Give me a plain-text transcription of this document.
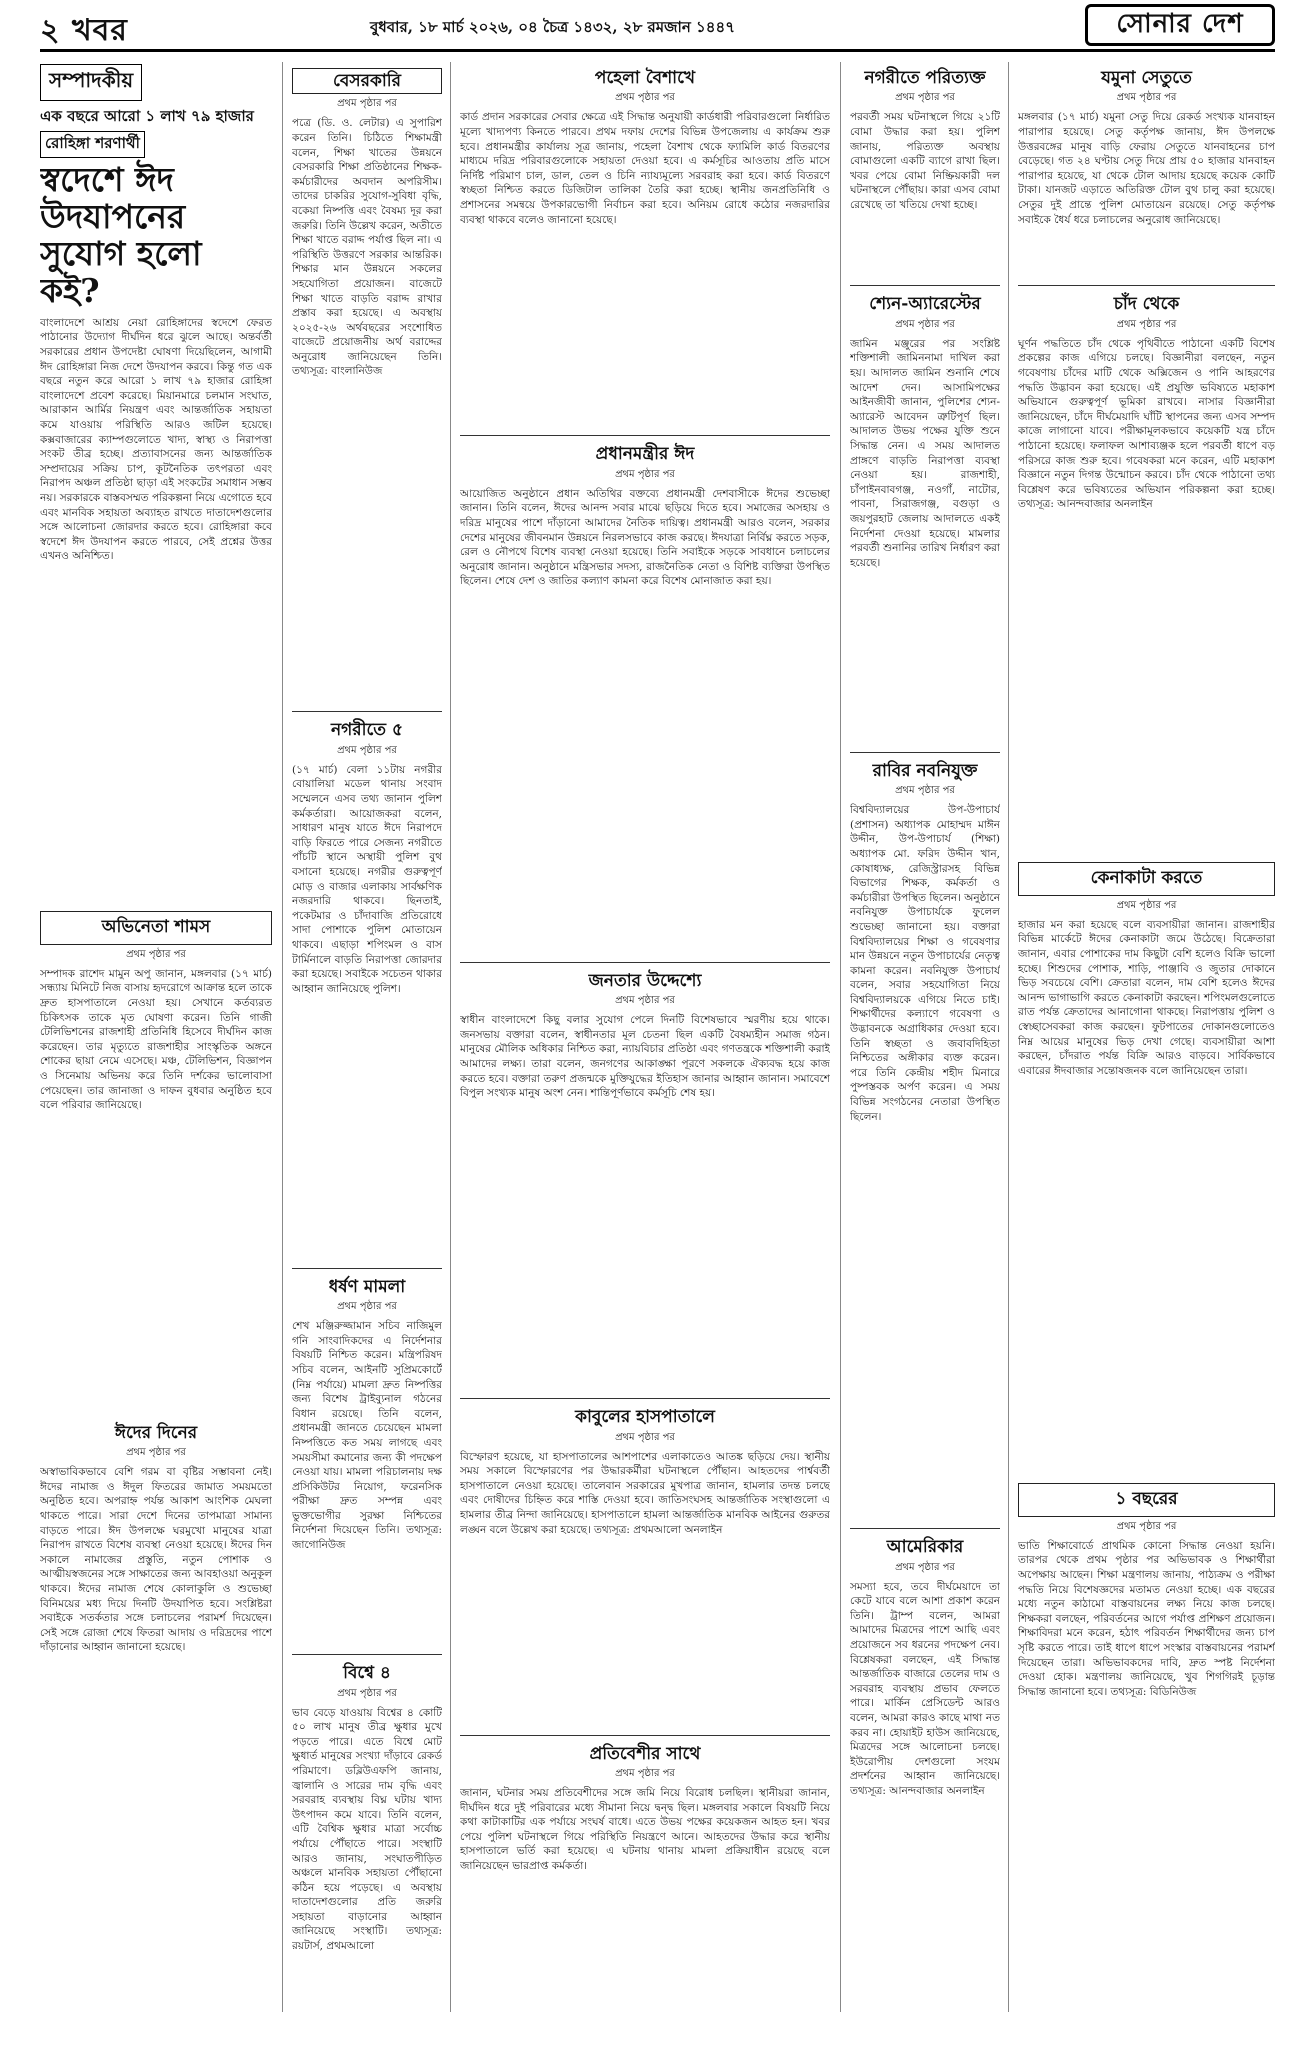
২ খবর	বুধবার, ১৮ মার্চ ২০২৬, ০৪ চৈত্র ১৪৩২, ২৮ রমজান ১৪৪৭	সোনার দেশ
সম্পাদকীয়
এক বছরে আরো ১ লাখ ৭৯ হাজার
রোহিঙ্গা শরণার্থী
স্বদেশে ঈদ উদযাপনের সুযোগ হলো কই?
বাংলাদেশে আশ্রয় নেয়া রোহিঙ্গাদের স্বদেশে ফেরত পাঠানোর উদ্যোগ দীর্ঘদিন ধরে ঝুলে আছে। অন্তর্বর্তী সরকারের প্রধান উপদেষ্টা ঘোষণা দিয়েছিলেন, আগামী ঈদ রোহিঙ্গারা নিজ দেশে উদযাপন করবে। কিন্তু গত এক বছরে নতুন করে আরো ১ লাখ ৭৯ হাজার রোহিঙ্গা বাংলাদেশে প্রবেশ করেছে। মিয়ানমারে চলমান সংঘাত, আরাকান আর্মির নিয়ন্ত্রণ এবং আন্তর্জাতিক সহায়তা কমে যাওয়ায় পরিস্থিতি আরও জটিল হয়েছে। কক্সবাজারের ক্যাম্পগুলোতে খাদ্য, স্বাস্থ্য ও নিরাপত্তা সংকট তীব্র হচ্ছে। প্রত্যাবাসনের জন্য আন্তর্জাতিক সম্প্রদায়ের সক্রিয় চাপ, কূটনৈতিক তৎপরতা এবং নিরাপদ অঞ্চল প্রতিষ্ঠা ছাড়া এই সংকটের সমাধান সম্ভব নয়। সরকারকে বাস্তবসম্মত পরিকল্পনা নিয়ে এগোতে হবে এবং মানবিক সহায়তা অব্যাহত রাখতে দাতাদেশগুলোর সঙ্গে আলোচনা জোরদার করতে হবে। রোহিঙ্গারা কবে স্বদেশে ঈদ উদযাপন করতে পারবে, সেই প্রশ্নের উত্তর এখনও অনিশ্চিত।
অভিনেতা শামস
প্রথম পৃষ্ঠার পর
সম্পাদক রাশেদ মামুন অপু জানান, মঙ্গলবার (১৭ মার্চ) সন্ধ্যায় মিনিটে নিজ বাসায় হৃদরোগে আক্রান্ত হলে তাকে দ্রুত হাসপাতালে নেওয়া হয়। সেখানে কর্তব্যরত চিকিৎসক তাকে মৃত ঘোষণা করেন। তিনি গাজী টেলিভিশনের রাজশাহী প্রতিনিধি হিসেবে দীর্ঘদিন কাজ করেছেন। তার মৃত্যুতে রাজশাহীর সাংস্কৃতিক অঙ্গনে শোকের ছায়া নেমে এসেছে। মঞ্চ, টেলিভিশন, বিজ্ঞাপন ও সিনেমায় অভিনয় করে তিনি দর্শকের ভালোবাসা পেয়েছেন। তার জানাজা ও দাফন বুধবার অনুষ্ঠিত হবে বলে পরিবার জানিয়েছে।
ঈদের দিনের
প্রথম পৃষ্ঠার পর
অস্বাভাবিকভাবে বেশি গরম বা বৃষ্টির সম্ভাবনা নেই। ঈদের নামাজ ও ঈদুল ফিতরের জামাত সময়মতো অনুষ্ঠিত হবে। অপরাহ্ন পর্যন্ত আকাশ আংশিক মেঘলা থাকতে পারে। সারা দেশে দিনের তাপমাত্রা সামান্য বাড়তে পারে। ঈদ উপলক্ষে ঘরমুখো মানুষের যাত্রা নিরাপদ রাখতে বিশেষ ব্যবস্থা নেওয়া হয়েছে। ঈদের দিন সকালে নামাজের প্রস্তুতি, নতুন পোশাক ও আত্মীয়স্বজনের সঙ্গে সাক্ষাতের জন্য আবহাওয়া অনুকূল থাকবে। ঈদের নামাজ শেষে কোলাকুলি ও শুভেচ্ছা বিনিময়ের মধ্য দিয়ে দিনটি উদযাপিত হবে। সংশ্লিষ্টরা সবাইকে সতর্কতার সঙ্গে চলাচলের পরামর্শ দিয়েছেন। সেই সঙ্গে রোজা শেষে ফিতরা আদায় ও দরিদ্রদের পাশে দাঁড়ানোর আহ্বান জানানো হয়েছে।
বেসরকারি
প্রথম পৃষ্ঠার পর
পত্রে (ডি. ও. লেটার) এ সুপারিশ করেন তিনি। চিঠিতে শিক্ষামন্ত্রী বলেন, শিক্ষা খাতের উন্নয়নে বেসরকারি শিক্ষা প্রতিষ্ঠানের শিক্ষক-কর্মচারীদের অবদান অপরিসীম। তাদের চাকরির সুযোগ-সুবিধা বৃদ্ধি, বকেয়া নিষ্পত্তি এবং বৈষম্য দূর করা জরুরি। তিনি উল্লেখ করেন, অতীতে শিক্ষা খাতে বরাদ্দ পর্যাপ্ত ছিল না। এ পরিস্থিতি উত্তরণে সরকার আন্তরিক। শিক্ষার মান উন্নয়নে সকলের সহযোগিতা প্রয়োজন। বাজেটে শিক্ষা খাতে বাড়তি বরাদ্দ রাখার প্রস্তাব করা হয়েছে। এ অবস্থায় ২০২৫-২৬ অর্থবছরের সংশোধিত বাজেটে প্রয়োজনীয় অর্থ বরাদ্দের অনুরোধ জানিয়েছেন তিনি। তথ্যসূত্র: বাংলানিউজ
নগরীতে ৫
প্রথম পৃষ্ঠার পর
(১৭ মার্চ) বেলা ১১টায় নগরীর বোয়ালিয়া মডেল থানায় সংবাদ সম্মেলনে এসব তথ্য জানান পুলিশ কর্মকর্তারা। আয়োজকরা বলেন, সাধারণ মানুষ যাতে ঈদে নিরাপদে বাড়ি ফিরতে পারে সেজন্য নগরীতে পাঁচটি স্থানে অস্থায়ী পুলিশ বুথ বসানো হয়েছে। নগরীর গুরুত্বপূর্ণ মোড় ও বাজার এলাকায় সার্বক্ষণিক নজরদারি থাকবে। ছিনতাই, পকেটমার ও চাঁদাবাজি প্রতিরোধে সাদা পোশাকে পুলিশ মোতায়েন থাকবে। এছাড়া শপিংমল ও বাস টার্মিনালে বাড়তি নিরাপত্তা জোরদার করা হয়েছে। সবাইকে সচেতন থাকার আহ্বান জানিয়েছে পুলিশ।
ধর্ষণ মামলা
প্রথম পৃষ্ঠার পর
শেখ মঞ্জিরুজ্জামান সচিব নাজিমুল গনি সাংবাদিকদের এ নির্দেশনার বিষয়টি নিশ্চিত করেন। মন্ত্রিপরিষদ সচিব বলেন, আইনটি সুপ্রিমকোর্টে (নিম্ন পর্যায়ে) মামলা দ্রুত নিষ্পত্তির জন্য বিশেষ ট্রাইব্যুনাল গঠনের বিধান রয়েছে। তিনি বলেন, প্রধানমন্ত্রী জানতে চেয়েছেন মামলা নিষ্পত্তিতে কত সময় লাগছে এবং সময়সীমা কমানোর জন্য কী পদক্ষেপ নেওয়া যায়। মামলা পরিচালনায় দক্ষ প্রসিকিউটর নিয়োগ, ফরেনসিক পরীক্ষা দ্রুত সম্পন্ন এবং ভুক্তভোগীর সুরক্ষা নিশ্চিতের নির্দেশনা দিয়েছেন তিনি। তথ্যসূত্র: জাগোনিউজ
বিশ্বে ৪
প্রথম পৃষ্ঠার পর
ভাব বেড়ে যাওয়ায় বিশ্বের ৪ কোটি ৫০ লাখ মানুষ তীব্র ক্ষুধার মুখে পড়তে পারে। এতে বিশ্বে মোট ক্ষুধার্ত মানুষের সংখ্যা দাঁড়াবে রেকর্ড পরিমাণে। ডব্লিউএফপি জানায়, জ্বালানি ও সারের দাম বৃদ্ধি এবং সরবরাহ ব্যবস্থায় বিঘ্ন ঘটায় খাদ্য উৎপাদন কমে যাবে। তিনি বলেন, এটি বৈশ্বিক ক্ষুধার মাত্রা সর্বোচ্চ পর্যায়ে পৌঁছাতে পারে। সংস্থাটি আরও জানায়, সংঘাতপীড়িত অঞ্চলে মানবিক সহায়তা পৌঁছানো কঠিন হয়ে পড়েছে। এ অবস্থায় দাতাদেশগুলোর প্রতি জরুরি সহায়তা বাড়ানোর আহ্বান জানিয়েছে সংস্থাটি। তথ্যসূত্র: রয়টার্স, প্রথমআলো
পহেলা বৈশাখে
প্রথম পৃষ্ঠার পর
কার্ড প্রদান সরকারের সেবার ক্ষেত্রে এই সিদ্ধান্ত অনুযায়ী কার্ডধারী পরিবারগুলো নির্ধারিত মূল্যে খাদ্যপণ্য কিনতে পারবে। প্রথম দফায় দেশের বিভিন্ন উপজেলায় এ কার্যক্রম শুরু হবে। প্রধানমন্ত্রীর কার্যালয় সূত্র জানায়, পহেলা বৈশাখ থেকে ফ্যামিলি কার্ড বিতরণের মাধ্যমে দরিদ্র পরিবারগুলোকে সহায়তা দেওয়া হবে। এ কর্মসূচির আওতায় প্রতি মাসে নির্দিষ্ট পরিমাণ চাল, ডাল, তেল ও চিনি ন্যায্যমূল্যে সরবরাহ করা হবে। কার্ড বিতরণে স্বচ্ছতা নিশ্চিত করতে ডিজিটাল তালিকা তৈরি করা হচ্ছে। স্থানীয় জনপ্রতিনিধি ও প্রশাসনের সমন্বয়ে উপকারভোগী নির্বাচন করা হবে। অনিয়ম রোধে কঠোর নজরদারির ব্যবস্থা থাকবে বলেও জানানো হয়েছে।
প্রধানমন্ত্রীর ঈদ
প্রথম পৃষ্ঠার পর
আয়োজিত অনুষ্ঠানে প্রধান অতিথির বক্তব্যে প্রধানমন্ত্রী দেশবাসীকে ঈদের শুভেচ্ছা জানান। তিনি বলেন, ঈদের আনন্দ সবার মাঝে ছড়িয়ে দিতে হবে। সমাজের অসহায় ও দরিদ্র মানুষের পাশে দাঁড়ানো আমাদের নৈতিক দায়িত্ব। প্রধানমন্ত্রী আরও বলেন, সরকার দেশের মানুষের জীবনমান উন্নয়নে নিরলসভাবে কাজ করছে। ঈদযাত্রা নির্বিঘ্ন করতে সড়ক, রেল ও নৌপথে বিশেষ ব্যবস্থা নেওয়া হয়েছে। তিনি সবাইকে সড়কে সাবধানে চলাচলের অনুরোধ জানান। অনুষ্ঠানে মন্ত্রিসভার সদস্য, রাজনৈতিক নেতা ও বিশিষ্ট ব্যক্তিরা উপস্থিত ছিলেন। শেষে দেশ ও জাতির কল্যাণ কামনা করে বিশেষ মোনাজাত করা হয়।
জনতার উদ্দেশ্যে
প্রথম পৃষ্ঠার পর
স্বাধীন বাংলাদেশে কিছু বলার সুযোগ পেলে দিনটি বিশেষভাবে স্মরণীয় হয়ে থাকে। জনসভায় বক্তারা বলেন, স্বাধীনতার মূল চেতনা ছিল একটি বৈষম্যহীন সমাজ গঠন। মানুষের মৌলিক অধিকার নিশ্চিত করা, ন্যায়বিচার প্রতিষ্ঠা এবং গণতন্ত্রকে শক্তিশালী করাই আমাদের লক্ষ্য। তারা বলেন, জনগণের আকাঙ্ক্ষা পূরণে সকলকে ঐক্যবদ্ধ হয়ে কাজ করতে হবে। বক্তারা তরুণ প্রজন্মকে মুক্তিযুদ্ধের ইতিহাস জানার আহ্বান জানান। সমাবেশে বিপুল সংখ্যক মানুষ অংশ নেন। শান্তিপূর্ণভাবে কর্মসূচি শেষ হয়।
কাবুলের হাসপাতালে
প্রথম পৃষ্ঠার পর
বিস্ফোরণ হয়েছে, যা হাসপাতালের আশপাশের এলাকাতেও আতঙ্ক ছড়িয়ে দেয়। স্থানীয় সময় সকালে বিস্ফোরণের পর উদ্ধারকর্মীরা ঘটনাস্থলে পৌঁছান। আহতদের পার্শ্ববর্তী হাসপাতালে নেওয়া হয়েছে। তালেবান সরকারের মুখপাত্র জানান, হামলার তদন্ত চলছে এবং দোষীদের চিহ্নিত করে শাস্তি দেওয়া হবে। জাতিসংঘসহ আন্তর্জাতিক সংস্থাগুলো এ হামলার তীব্র নিন্দা জানিয়েছে। হাসপাতালে হামলা আন্তর্জাতিক মানবিক আইনের গুরুতর লঙ্ঘন বলে উল্লেখ করা হয়েছে। তথ্যসূত্র: প্রথমআলো অনলাইন
প্রতিবেশীর সাথে
প্রথম পৃষ্ঠার পর
জানান, ঘটনার সময় প্রতিবেশীদের সঙ্গে জমি নিয়ে বিরোধ চলছিল। স্থানীয়রা জানান, দীর্ঘদিন ধরে দুই পরিবারের মধ্যে সীমানা নিয়ে দ্বন্দ্ব ছিল। মঙ্গলবার সকালে বিষয়টি নিয়ে কথা কাটাকাটির এক পর্যায়ে সংঘর্ষ বাধে। এতে উভয় পক্ষের কয়েকজন আহত হন। খবর পেয়ে পুলিশ ঘটনাস্থলে গিয়ে পরিস্থিতি নিয়ন্ত্রণে আনে। আহতদের উদ্ধার করে স্থানীয় হাসপাতালে ভর্তি করা হয়েছে। এ ঘটনায় থানায় মামলা প্রক্রিয়াধীন রয়েছে বলে জানিয়েছেন ভারপ্রাপ্ত কর্মকর্তা।
নগরীতে পরিত্যক্ত
প্রথম পৃষ্ঠার পর
পরবর্তী সময় ঘটনাস্থলে গিয়ে ২১টি বোমা উদ্ধার করা হয়। পুলিশ জানায়, পরিত্যক্ত অবস্থায় বোমাগুলো একটি ব্যাগে রাখা ছিল। খবর পেয়ে বোমা নিষ্ক্রিয়কারী দল ঘটনাস্থলে পৌঁছায়। কারা এসব বোমা রেখেছে তা খতিয়ে দেখা হচ্ছে।
শ্যেন-অ্যারেস্টের
প্রথম পৃষ্ঠার পর
জামিন মঞ্জুরের পর সংশ্লিষ্ট শক্তিশালী জামিননামা দাখিল করা হয়। আদালত জামিন শুনানি শেষে আদেশ দেন। আসামিপক্ষের আইনজীবী জানান, পুলিশের শ্যেন-অ্যারেস্ট আবেদন ত্রুটিপূর্ণ ছিল। আদালত উভয় পক্ষের যুক্তি শুনে সিদ্ধান্ত নেন। এ সময় আদালত প্রাঙ্গণে বাড়তি নিরাপত্তা ব্যবস্থা নেওয়া হয়। রাজশাহী, চাঁপাইনবাবগঞ্জ, নওগাঁ, নাটোর, পাবনা, সিরাজগঞ্জ, বগুড়া ও জয়পুরহাট জেলায় আদালতে একই নির্দেশনা দেওয়া হয়েছে। মামলার পরবর্তী শুনানির তারিখ নির্ধারণ করা হয়েছে।
রাবির নবনিযুক্ত
প্রথম পৃষ্ঠার পর
বিশ্ববিদ্যালয়ের উপ-উপাচার্য (প্রশাসন) অধ্যাপক মোহাম্মদ মাঈন উদ্দীন, উপ-উপাচার্য (শিক্ষা) অধ্যাপক মো. ফরিদ উদ্দীন খান, কোষাধ্যক্ষ, রেজিস্ট্রারসহ বিভিন্ন বিভাগের শিক্ষক, কর্মকর্তা ও কর্মচারীরা উপস্থিত ছিলেন। অনুষ্ঠানে নবনিযুক্ত উপাচার্যকে ফুলেল শুভেচ্ছা জানানো হয়। বক্তারা বিশ্ববিদ্যালয়ের শিক্ষা ও গবেষণার মান উন্নয়নে নতুন উপাচার্যের নেতৃত্ব কামনা করেন। নবনিযুক্ত উপাচার্য বলেন, সবার সহযোগিতা নিয়ে বিশ্ববিদ্যালয়কে এগিয়ে নিতে চাই। শিক্ষার্থীদের কল্যাণে গবেষণা ও উদ্ভাবনকে অগ্রাধিকার দেওয়া হবে। তিনি স্বচ্ছতা ও জবাবদিহিতা নিশ্চিতের অঙ্গীকার ব্যক্ত করেন। পরে তিনি কেন্দ্রীয় শহীদ মিনারে পুষ্পস্তবক অর্পণ করেন। এ সময় বিভিন্ন সংগঠনের নেতারা উপস্থিত ছিলেন।
আমেরিকার
প্রথম পৃষ্ঠার পর
সমস্যা হবে, তবে দীর্ঘমেয়াদে তা কেটে যাবে বলে আশা প্রকাশ করেন তিনি। ট্রাম্প বলেন, আমরা আমাদের মিত্রদের পাশে আছি এবং প্রয়োজনে সব ধরনের পদক্ষেপ নেব। বিশ্লেষকরা বলছেন, এই সিদ্ধান্ত আন্তর্জাতিক বাজারে তেলের দাম ও সরবরাহ ব্যবস্থায় প্রভাব ফেলতে পারে। মার্কিন প্রেসিডেন্ট আরও বলেন, আমরা কারও কাছে মাথা নত করব না। হোয়াইট হাউস জানিয়েছে, মিত্রদের সঙ্গে আলোচনা চলছে। ইউরোপীয় দেশগুলো সংযম প্রদর্শনের আহ্বান জানিয়েছে। তথ্যসূত্র: আনন্দবাজার অনলাইন
যমুনা সেতুতে
প্রথম পৃষ্ঠার পর
মঙ্গলবার (১৭ মার্চ) যমুনা সেতু দিয়ে রেকর্ড সংখ্যক যানবাহন পারাপার হয়েছে। সেতু কর্তৃপক্ষ জানায়, ঈদ উপলক্ষে উত্তরবঙ্গের মানুষ বাড়ি ফেরায় সেতুতে যানবাহনের চাপ বেড়েছে। গত ২৪ ঘণ্টায় সেতু দিয়ে প্রায় ৫০ হাজার যানবাহন পারাপার হয়েছে, যা থেকে টোল আদায় হয়েছে কয়েক কোটি টাকা। যানজট এড়াতে অতিরিক্ত টোল বুথ চালু করা হয়েছে। সেতুর দুই প্রান্তে পুলিশ মোতায়েন রয়েছে। সেতু কর্তৃপক্ষ সবাইকে ধৈর্য ধরে চলাচলের অনুরোধ জানিয়েছে।
চাঁদ থেকে
প্রথম পৃষ্ঠার পর
ঘূর্ণন পদ্ধতিতে চাঁদ থেকে পৃথিবীতে পাঠানো একটি বিশেষ প্রকল্পের কাজ এগিয়ে চলছে। বিজ্ঞানীরা বলছেন, নতুন গবেষণায় চাঁদের মাটি থেকে অক্সিজেন ও পানি আহরণের পদ্ধতি উদ্ভাবন করা হয়েছে। এই প্রযুক্তি ভবিষ্যতে মহাকাশ অভিযানে গুরুত্বপূর্ণ ভূমিকা রাখবে। নাসার বিজ্ঞানীরা জানিয়েছেন, চাঁদে দীর্ঘমেয়াদি ঘাঁটি স্থাপনের জন্য এসব সম্পদ কাজে লাগানো যাবে। পরীক্ষামূলকভাবে কয়েকটি যন্ত্র চাঁদে পাঠানো হয়েছে। ফলাফল আশাব্যঞ্জক হলে পরবর্তী ধাপে বড় পরিসরে কাজ শুরু হবে। গবেষকরা মনে করেন, এটি মহাকাশ বিজ্ঞানে নতুন দিগন্ত উন্মোচন করবে। চাঁদ থেকে পাঠানো তথ্য বিশ্লেষণ করে ভবিষ্যতের অভিযান পরিকল্পনা করা হচ্ছে। তথ্যসূত্র: আনন্দবাজার অনলাইন
কেনাকাটা করতে
প্রথম পৃষ্ঠার পর
হাজার মন করা হয়েছে বলে ব্যবসায়ীরা জানান। রাজশাহীর বিভিন্ন মার্কেটে ঈদের কেনাকাটা জমে উঠেছে। বিক্রেতারা জানান, এবার পোশাকের দাম কিছুটা বেশি হলেও বিক্রি ভালো হচ্ছে। শিশুদের পোশাক, শাড়ি, পাঞ্জাবি ও জুতার দোকানে ভিড় সবচেয়ে বেশি। ক্রেতারা বলেন, দাম বেশি হলেও ঈদের আনন্দ ভাগাভাগি করতে কেনাকাটা করছেন। শপিংমলগুলোতে রাত পর্যন্ত ক্রেতাদের আনাগোনা থাকছে। নিরাপত্তায় পুলিশ ও স্বেচ্ছাসেবকরা কাজ করছেন। ফুটপাতের দোকানগুলোতেও নিম্ন আয়ের মানুষের ভিড় দেখা গেছে। ব্যবসায়ীরা আশা করছেন, চাঁদরাত পর্যন্ত বিক্রি আরও বাড়বে। সার্বিকভাবে এবারের ঈদবাজার সন্তোষজনক বলে জানিয়েছেন তারা।
১ বছরের
প্রথম পৃষ্ঠার পর
ভাতি শিক্ষাবোর্ডে প্রাথমিক কোনো সিদ্ধান্ত নেওয়া হয়নি। তারপর থেকে প্রথম পৃষ্ঠার পর অভিভাবক ও শিক্ষার্থীরা অপেক্ষায় আছেন। শিক্ষা মন্ত্রণালয় জানায়, পাঠ্যক্রম ও পরীক্ষা পদ্ধতি নিয়ে বিশেষজ্ঞদের মতামত নেওয়া হচ্ছে। এক বছরের মধ্যে নতুন কাঠামো বাস্তবায়নের লক্ষ্য নিয়ে কাজ চলছে। শিক্ষকরা বলছেন, পরিবর্তনের আগে পর্যাপ্ত প্রশিক্ষণ প্রয়োজন। শিক্ষাবিদরা মনে করেন, হঠাৎ পরিবর্তন শিক্ষার্থীদের জন্য চাপ সৃষ্টি করতে পারে। তাই ধাপে ধাপে সংস্কার বাস্তবায়নের পরামর্শ দিয়েছেন তারা। অভিভাবকদের দাবি, দ্রুত স্পষ্ট নির্দেশনা দেওয়া হোক। মন্ত্রণালয় জানিয়েছে, খুব শিগগিরই চূড়ান্ত সিদ্ধান্ত জানানো হবে। তথ্যসূত্র: বিডিনিউজ
